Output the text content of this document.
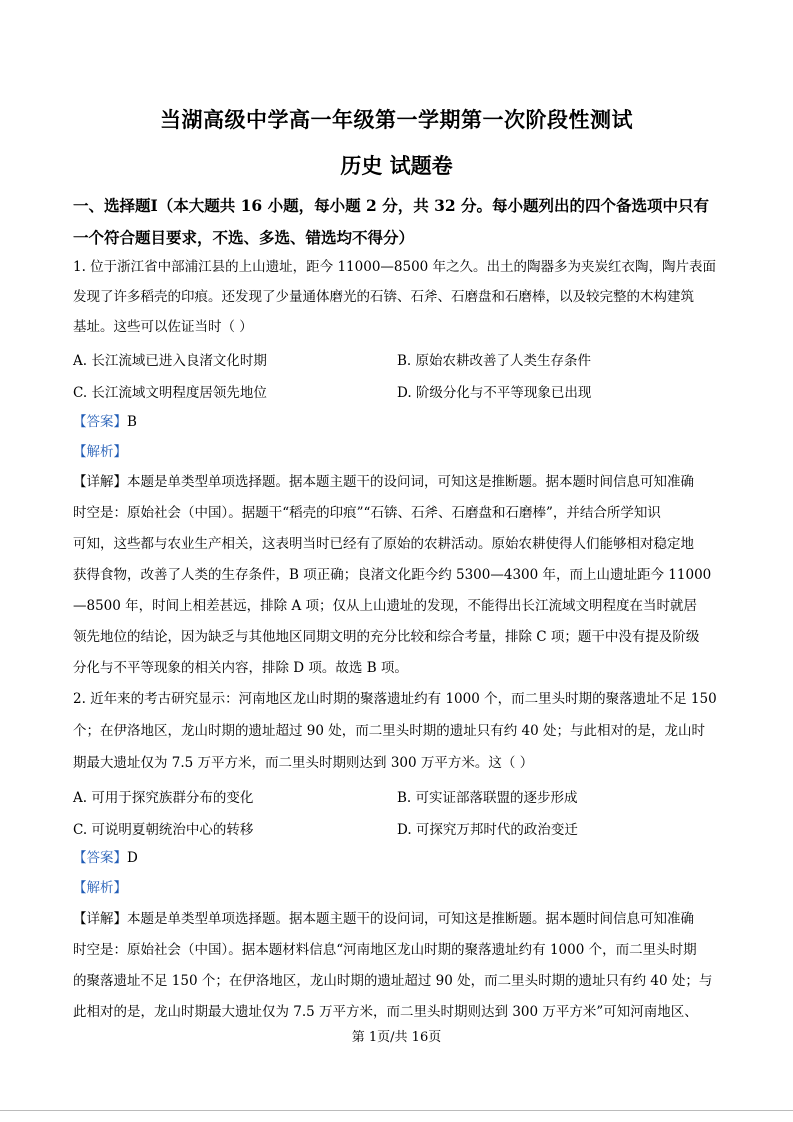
当湖高级中学高一年级第一学期第一次阶段性测试
历史 试题卷
一、选择题Ⅰ（本大题共 16 小题，每小题 2 分，共 32 分。每小题列出的四个备选项中只有
一个符合题目要求，不选、多选、错选均不得分）
1. 位于浙江省中部浦江县的上山遗址，距今 11000—8500 年之久。出土的陶器多为夹炭红衣陶，陶片表面
发现了许多稻壳的印痕。还发现了少量通体磨光的石锛、石斧、石磨盘和石磨棒，以及较完整的木构建筑
基址。这些可以佐证当时（ ）
A. 长江流域已进入良渚文化时期	B. 原始农耕改善了人类生存条件
C. 长江流域文明程度居领先地位	D. 阶级分化与不平等现象已出现
【答案】B
【解析】
【详解】本题是单类型单项选择题。据本题主题干的设问词，可知这是推断题。据本题时间信息可知准确
时空是：原始社会（中国）。据题干“稻壳的印痕”“石锛、石斧、石磨盘和石磨棒”，并结合所学知识
可知，这些都与农业生产相关，这表明当时已经有了原始的农耕活动。原始农耕使得人们能够相对稳定地
获得食物，改善了人类的生存条件，B 项正确；良渚文化距今约 5300—4300 年，而上山遗址距今 11000
—8500 年，时间上相差甚远，排除 A 项；仅从上山遗址的发现，不能得出长江流域文明程度在当时就居
领先地位的结论，因为缺乏与其他地区同期文明的充分比较和综合考量，排除 C 项；题干中没有提及阶级
分化与不平等现象的相关内容，排除 D 项。故选 B 项。
2. 近年来的考古研究显示：河南地区龙山时期的聚落遗址约有 1000 个，而二里头时期的聚落遗址不足 150
个；在伊洛地区，龙山时期的遗址超过 90 处，而二里头时期的遗址只有约 40 处；与此相对的是，龙山时
期最大遗址仅为 7.5 万平方米，而二里头时期则达到 300 万平方米。这（ ）
A. 可用于探究族群分布的变化	B. 可实证部落联盟的逐步形成
C. 可说明夏朝统治中心的转移	D. 可探究万邦时代的政治变迁
【答案】D
【解析】
【详解】本题是单类型单项选择题。据本题主题干的设问词，可知这是推断题。据本题时间信息可知准确
时空是：原始社会（中国）。据本题材料信息“河南地区龙山时期的聚落遗址约有 1000 个，而二里头时期
的聚落遗址不足 150 个；在伊洛地区，龙山时期的遗址超过 90 处，而二里头时期的遗址只有约 40 处；与
此相对的是，龙山时期最大遗址仅为 7.5 万平方米，而二里头时期则达到 300 万平方米”可知河南地区、
第 1页/共 16页
